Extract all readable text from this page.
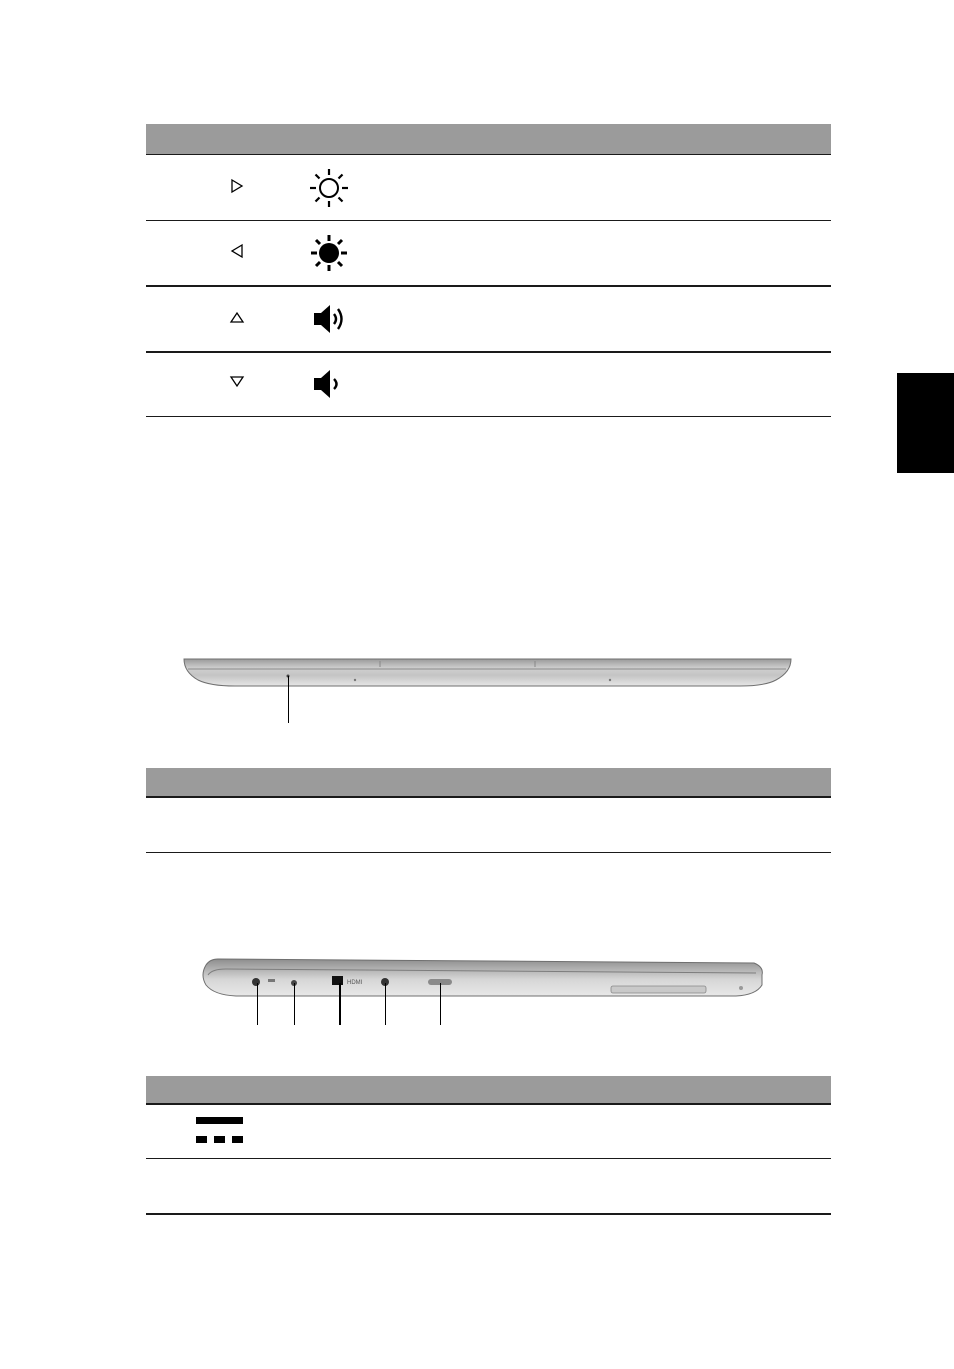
HDMI
